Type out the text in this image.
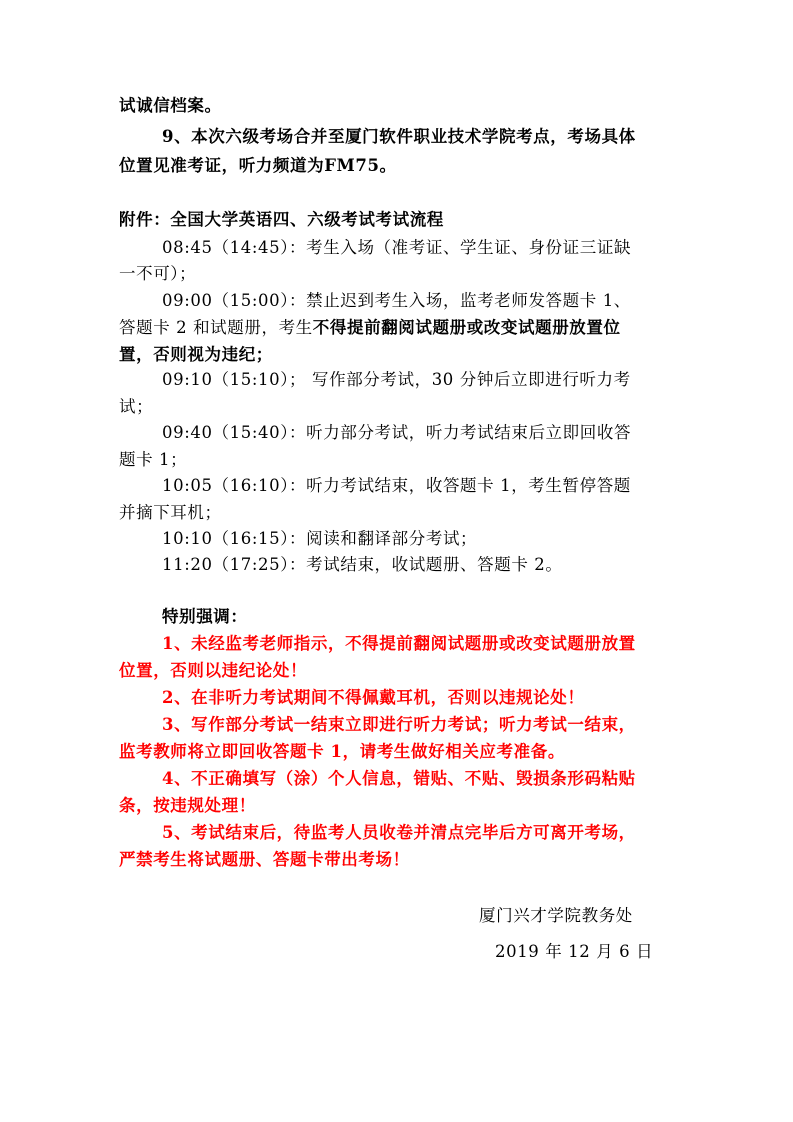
试诚信档案。
9、本次六级考场合并至厦门软件职业技术学院考点，考场具体
位置见准考证，听力频道为FM75。
附件：全国大学英语四、六级考试考试流程
08:45（14:45）：考生入场（准考证、学生证、身份证三证缺
一不可）；
09:00（15:00）：禁止迟到考生入场，监考老师发答题卡 1、
答题卡 2 和试题册，考生不得提前翻阅试题册或改变试题册放置位
置，否则视为违纪；
09:10（15:10）； 写作部分考试，30 分钟后立即进行听力考
试；
09:40（15:40）：听力部分考试，听力考试结束后立即回收答
题卡 1；
10:05（16:10）：听力考试结束，收答题卡 1，考生暂停答题
并摘下耳机；
10:10（16:15）：阅读和翻译部分考试；
11:20（17:25）：考试结束，收试题册、答题卡 2。
特别强调：
1、未经监考老师指示，不得提前翻阅试题册或改变试题册放置
位置，否则以违纪论处！
2、在非听力考试期间不得佩戴耳机，否则以违规论处！
3、写作部分考试一结束立即进行听力考试；听力考试一结束，
监考教师将立即回收答题卡 1，请考生做好相关应考准备。
4、不正确填写（涂）个人信息，错贴、不贴、毁损条形码粘贴
条，按违规处理！
5、考试结束后，待监考人员收卷并清点完毕后方可离开考场，
严禁考生将试题册、答题卡带出考场！
厦门兴才学院教务处
2019 年 12 月 6 日
